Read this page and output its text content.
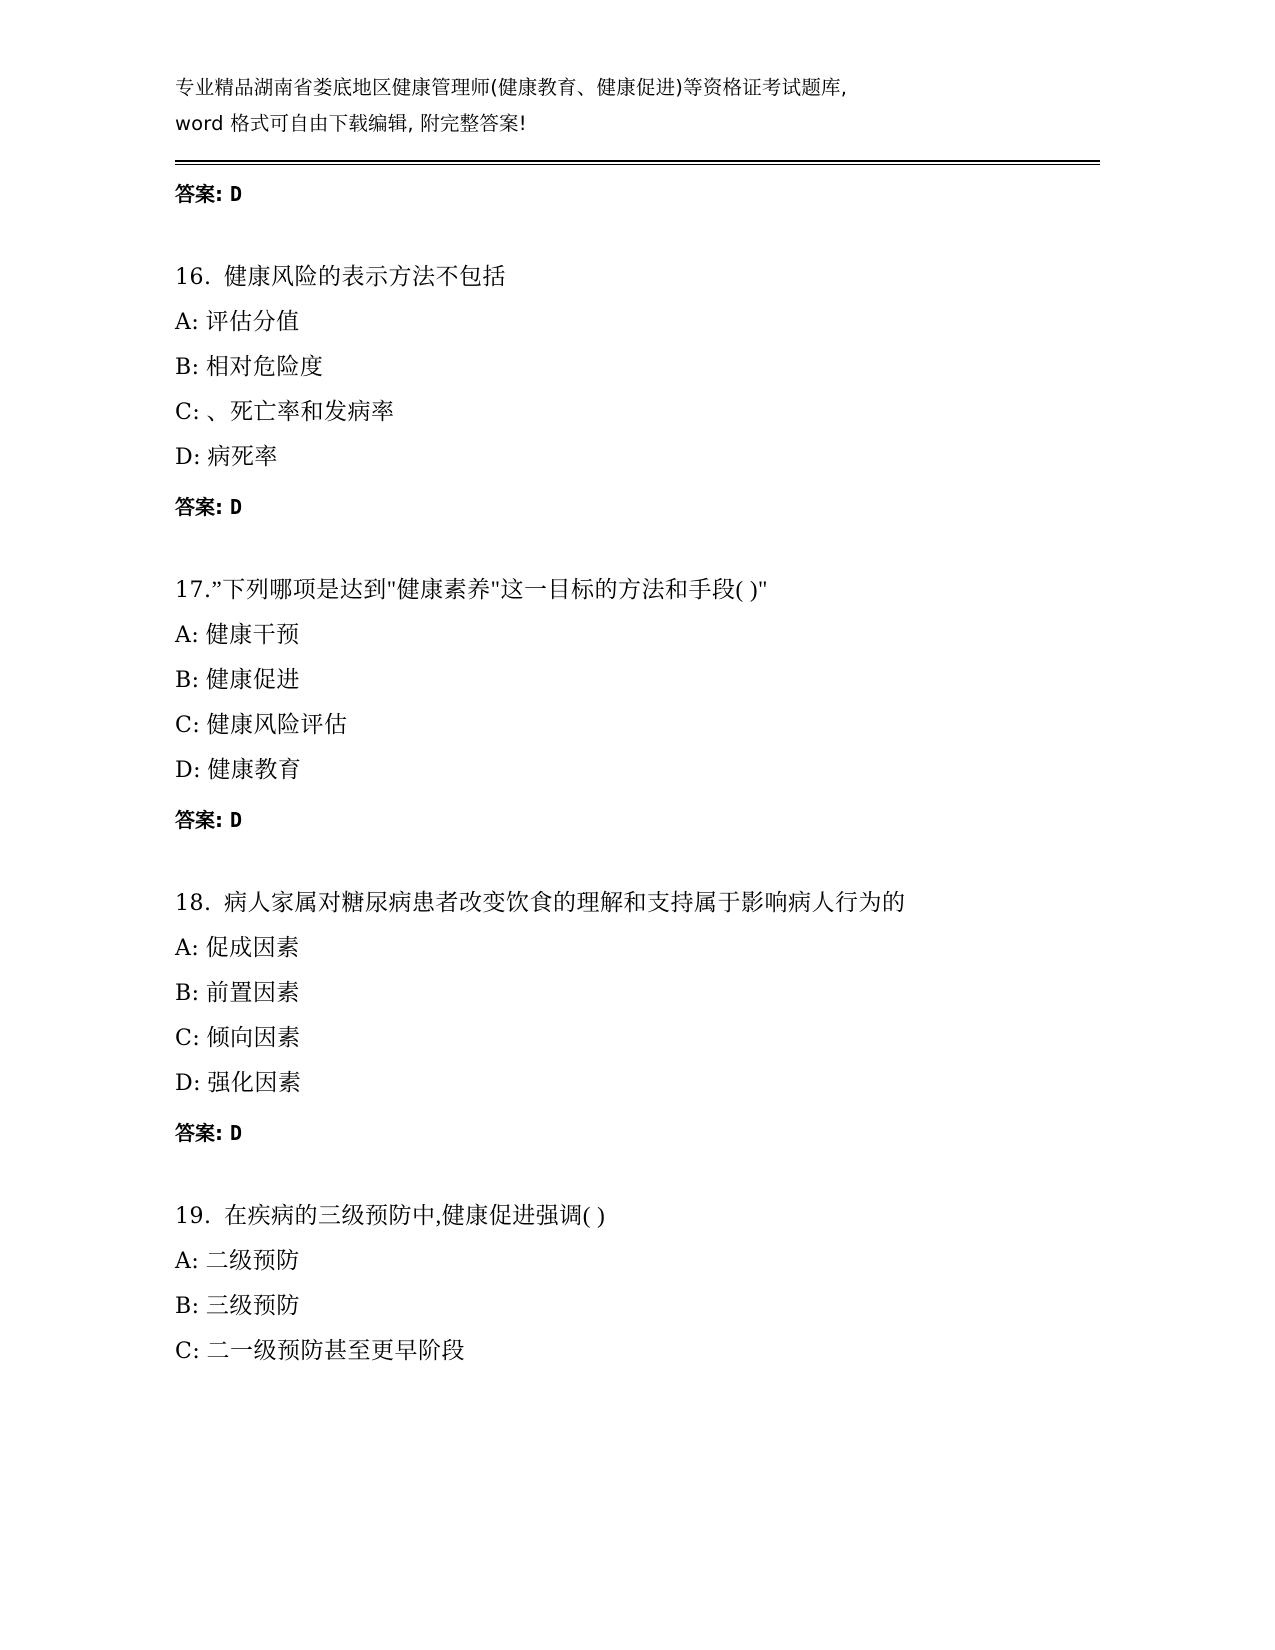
专业精品湖南省娄底地区健康管理师(健康教育、健康促进)等资格证考试题库,
word 格式可自由下载编辑, 附完整答案!

答案: D

16. 健康风险的表示方法不包括

A: 评估分值

B: 相对危险度

C: 、死亡率和发病率

D: 病死率

答案: D

17.”下列哪项是达到"健康素养"这一目标的方法和手段( )"

A: 健康干预

B: 健康促进

C: 健康风险评估

D: 健康教育

答案: D

18. 病人家属对糖尿病患者改变饮食的理解和支持属于影响病人行为的

A: 促成因素

B: 前置因素

C: 倾向因素

D: 强化因素

答案: D

19. 在疾病的三级预防中,健康促进强调( )

A: 二级预防

B: 三级预防

C: 二一级预防甚至更早阶段
